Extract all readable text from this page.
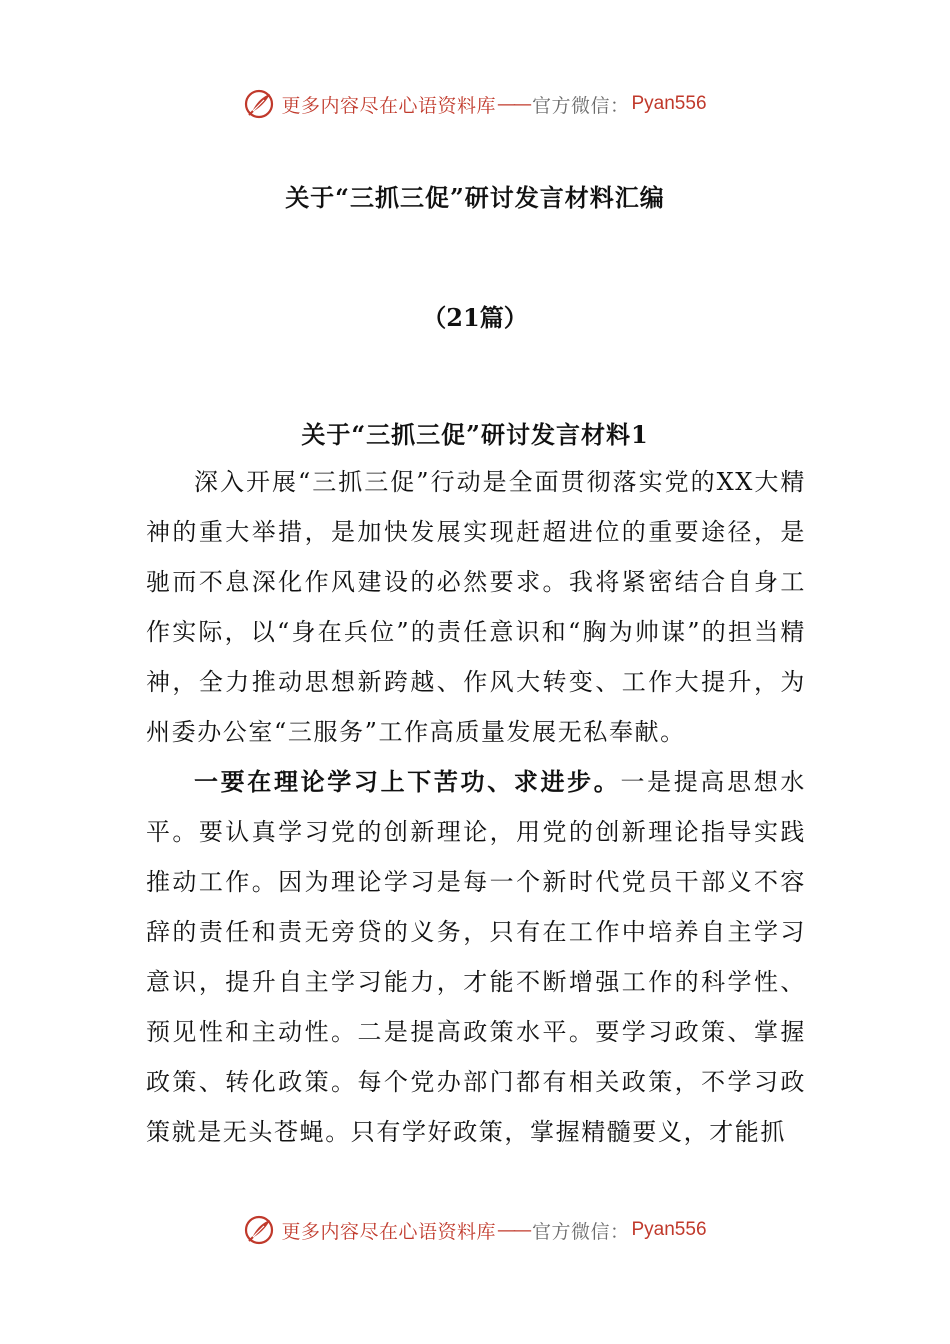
更多内容尽在心语资料库 —— 官方微信： Pyan556
关于“三抓三促”研讨发言材料汇编
（21篇）
关于“三抓三促”研讨发言材料1

深入开展“三抓三促”行动是全面贯彻落实党的XX大精神的重大举措，是加快发展实现赶超进位的重要途径，是驰而不息深化作风建设的必然要求。我将紧密结合自身工作实际，以“身在兵位”的责任意识和“胸为帅谋”的担当精神，全力推动思想新跨越、作风大转变、工作大提升，为州委办公室“三服务”工作高质量发展无私奉献。

一要在理论学习上下苦功、求进步。一是提高思想水平。要认真学习党的创新理论，用党的创新理论指导实践推动工作。因为理论学习是每一个新时代党员干部义不容辞的责任和责无旁贷的义务，只有在工作中培养自主学习意识，提升自主学习能力，才能不断增强工作的科学性、预见性和主动性。二是提高政策水平。要学习政策、掌握政策、转化政策。每个党办部门都有相关政策，不学习政策就是无头苍蝇。只有学好政策，掌握精髓要义，才能抓

更多内容尽在心语资料库 —— 官方微信： Pyan556
